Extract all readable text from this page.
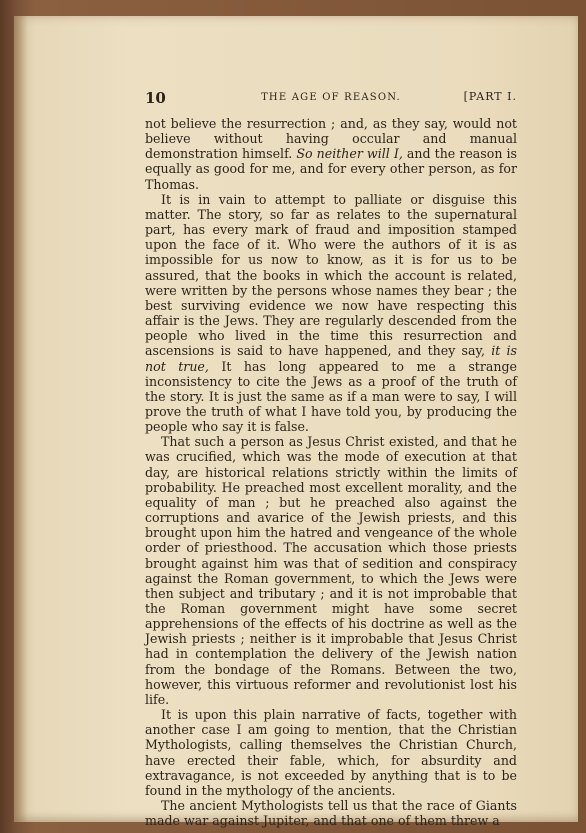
10	THE AGE OF REASON.	[PART I.

not believe the resurrection ; and, as they say, would not believe without having occular and manual demonstration himself. So neither will I, and the reason is equally as good for me, and for every other person, as for Thomas.

It is in vain to attempt to palliate or disguise this matter. The story, so far as relates to the supernatural part, has every mark of fraud and imposition stamped upon the face of it. Who were the authors of it is as impossible for us now to know, as it is for us to be assured, that the books in which the account is related, were written by the persons whose names they bear ; the best surviving evidence we now have respecting this affair is the Jews. They are regularly descended from the people who lived in the time this resurrection and ascensions is said to have happened, and they say, it is not true, It has long appeared to me a strange inconsistency to cite the Jews as a proof of the truth of the story. It is just the same as if a man were to say, I will prove the truth of what I have told you, by producing the people who say it is false.

That such a person as Jesus Christ existed, and that he was crucified, which was the mode of execution at that day, are historical relations strictly within the limits of probability. He preached most excellent morality, and the equality of man ; but he preached also against the corruptions and avarice of the Jewish priests, and this brought upon him the hatred and vengeance of the whole order of priesthood. The accusation which those priests brought against him was that of sedition and conspiracy against the Roman government, to which the Jews were then subject and tributary ; and it is not improbable that the Roman government might have some secret apprehensions of the effects of his doctrine as well as the Jewish priests ; neither is it improbable that Jesus Christ had in contemplation the delivery of the Jewish nation from the bondage of the Romans. Between the two, however, this virtuous reformer and revolutionist lost his life.

It is upon this plain narrative of facts, together with another case I am going to mention, that the Christian Mythologists, calling themselves the Christian Church, have erected their fable, which, for absurdity and extravagance, is not exceeded by anything that is to be found in the mythology of the ancients.

The ancient Mythologists tell us that the race of Giants made war against Jupiter, and that one of them threw a
